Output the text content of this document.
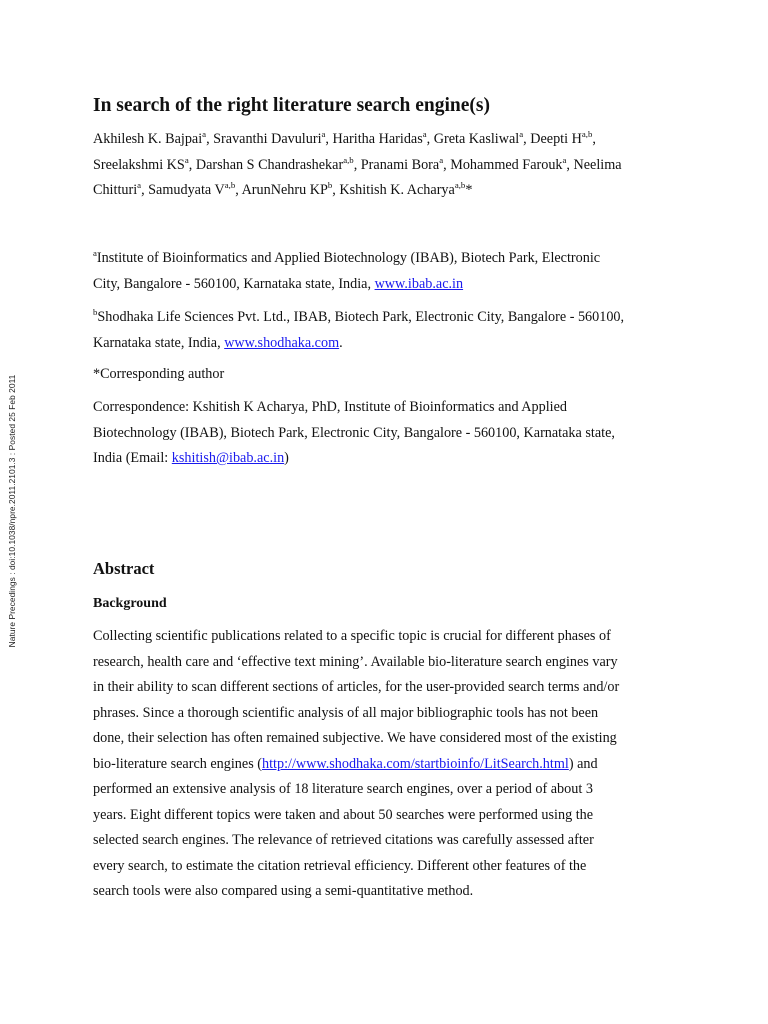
Nature Precedings : doi:10.1038/npre.2011.2101.3 : Posted 25 Feb 2011
In search of the right literature search engine(s)
Akhilesh K. Bajpai$^a$, Sravanthi Davuluri$^a$, Haritha Haridas$^a$, Greta Kasliwal$^a$, Deepti H$^{a,b}$,
Sreelakshmi $KS^a$, Darshan S Chandrashekar$^{a,b}$, Pranami Bora$^a$, Mohammed Farouk$^a$, Neelima
Chitturi$^a$, Samudyata V$^{a,b}$, ArunNehru $KP^b$, Kshitish K. Acharya$^{a,b}$*
$^a$Institute of Bioinformatics and Applied Biotechnology (IBAB), Biotech Park, Electronic
City, Bangalore - 560100, Karnataka state, India, www.ibab.ac.in
$^b$Shodhaka Life Sciences Pvt. Ltd., IBAB, Biotech Park, Electronic City, Bangalore - 560100,
Karnataka state, India, www.shodhaka.com.
*Corresponding author
Correspondence: Kshitish K Acharya, PhD, Institute of Bioinformatics and Applied
Biotechnology (IBAB), Biotech Park, Electronic City, Bangalore - 560100, Karnataka state,
India (Email: kshitish@ibab.ac.in)
Abstract
Background
Collecting scientific publications related to a specific topic is crucial for different phases of
research, health care and ‘effective text mining’. Available bio-literature search engines vary
in their ability to scan different sections of articles, for the user-provided search terms and/or
phrases. Since a thorough scientific analysis of all major bibliographic tools has not been
done, their selection has often remained subjective. We have considered most of the existing
bio-literature search engines (http://www.shodhaka.com/startbioinfo/LitSearch.html) and
performed an extensive analysis of 18 literature search engines, over a period of about 3
years. Eight different topics were taken and about 50 searches were performed using the
selected search engines. The relevance of retrieved citations was carefully assessed after
every search, to estimate the citation retrieval efficiency. Different other features of the
search tools were also compared using a semi-quantitative method.
